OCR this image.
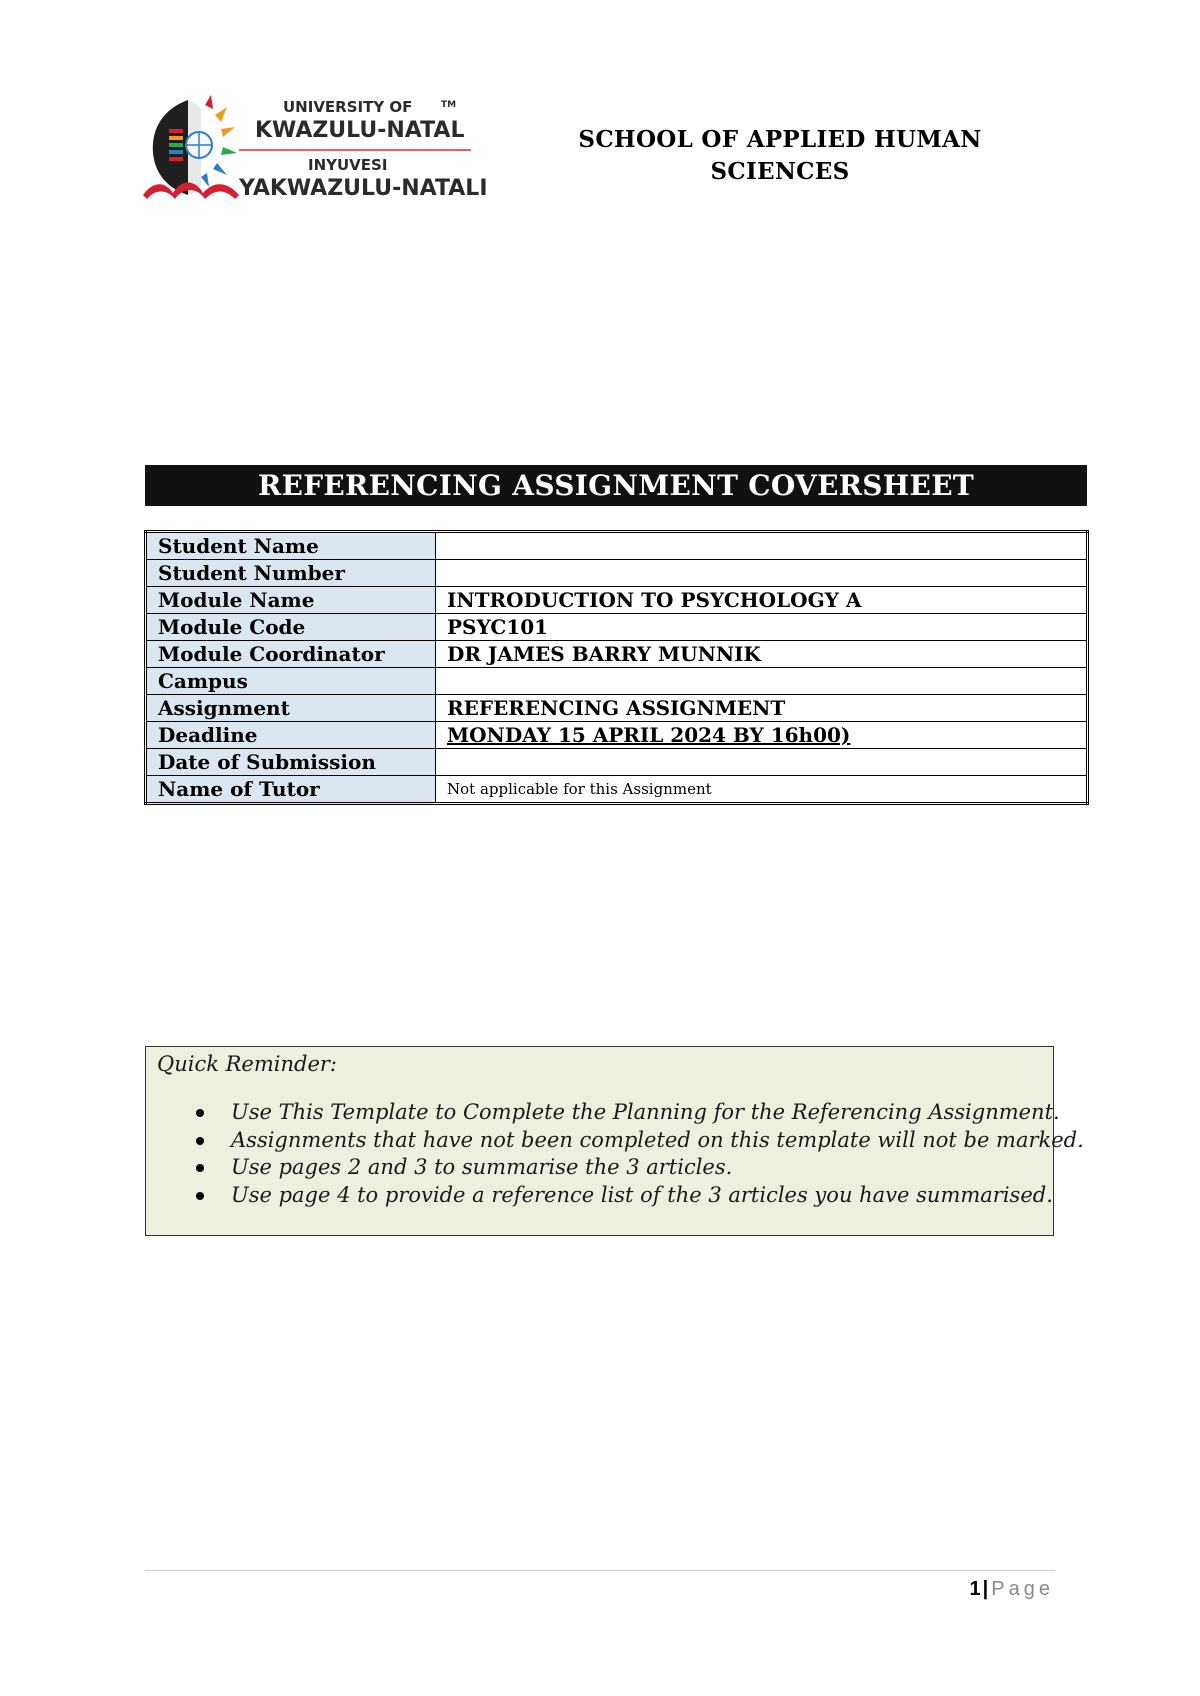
UNIVERSITY OF	TM
KWAZULU-NATAL
INYUVESI
YAKWAZULU-NATALI
SCHOOL OF APPLIED HUMAN
SCIENCES
REFERENCING ASSIGNMENT COVERSHEET
Student Name	
Student Number	
Module Name	INTRODUCTION TO PSYCHOLOGY A
Module Code	PSYC101
Module Coordinator	DR JAMES BARRY MUNNIK
Campus	
Assignment	REFERENCING ASSIGNMENT
Deadline	MONDAY 15 APRIL 2024 BY 16h00)
Date of Submission	
Name of Tutor	Not applicable for this Assignment
Quick Reminder:
Use This Template to Complete the Planning for the Referencing Assignment.
Assignments that have not been completed on this template will not be marked.
Use pages 2 and 3 to summarise the 3 articles.
Use page 4 to provide a reference list of the 3 articles you have summarised.
1 | Page
